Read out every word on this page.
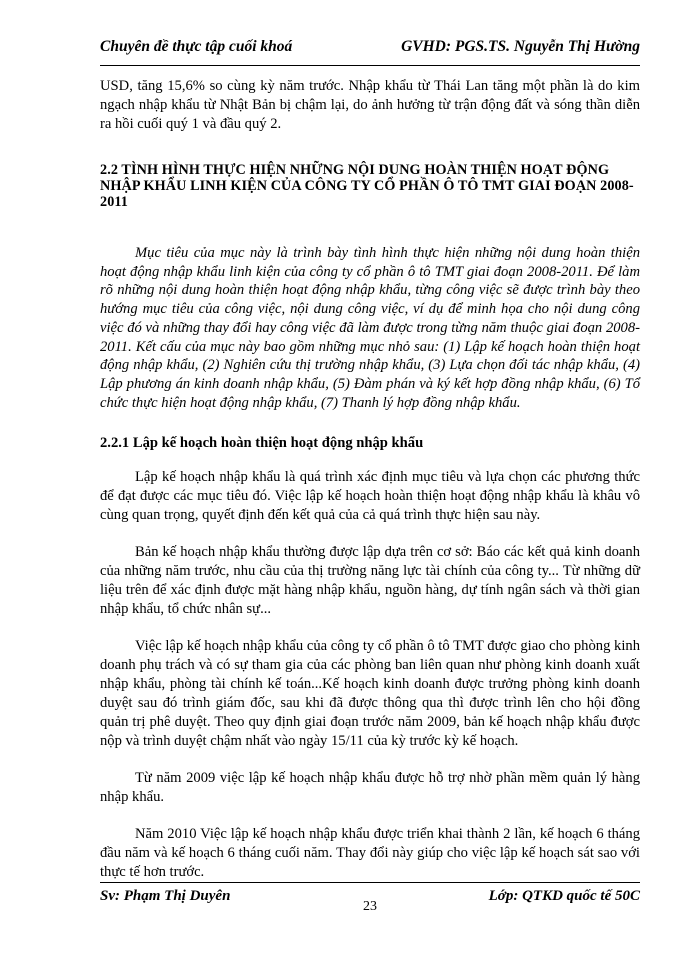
Chuyên đề thực tập cuối khoá	GVHD: PGS.TS. Nguyễn Thị Hường

USD, tăng 15,6% so cùng kỳ năm trước. Nhập khẩu từ Thái Lan tăng một phần là do kim ngạch nhập khẩu từ Nhật Bản bị chậm lại, do ảnh hưởng từ trận động đất và sóng thần diễn ra hồi cuối quý 1 và đầu quý 2.

2.2 TÌNH HÌNH THỰC HIỆN NHỮNG NỘI DUNG HOÀN THIỆN HOẠT ĐỘNG NHẬP KHẨU LINH KIỆN CỦA CÔNG TY CỔ PHẦN Ô TÔ TMT GIAI ĐOẠN 2008-2011

Mục tiêu của mục này là trình bày tình hình thực hiện những nội dung hoàn thiện hoạt động nhập khẩu linh kiện của công ty cổ phần ô tô TMT giai đoạn 2008-2011. Để làm rõ những nội dung hoàn thiện hoạt động nhập khẩu, từng công việc sẽ được trình bày theo hướng mục tiêu của công việc, nội dung công việc, ví dụ để minh họa cho nội dung công việc đó và những thay đổi hay công việc đã làm được trong từng năm thuộc giai đoạn 2008-2011. Kết cấu của mục này bao gồm những mục nhỏ sau: (1) Lập kế hoạch hoàn thiện hoạt động nhập khẩu, (2) Nghiên cứu thị trường nhập khẩu, (3) Lựa chọn đối tác nhập khẩu, (4) Lập phương án kinh doanh nhập khẩu, (5) Đàm phán và ký kết hợp đồng nhập khẩu, (6) Tổ chức thực hiện hoạt động nhập khẩu, (7) Thanh lý hợp đồng nhập khẩu.

2.2.1 Lập kế hoạch hoàn thiện hoạt động nhập khẩu

Lập kế hoạch nhập khẩu là quá trình xác định mục tiêu và lựa chọn các phương thức để đạt được các mục tiêu đó. Việc lập kế hoạch hoàn thiện hoạt động nhập khẩu là khâu vô cùng quan trọng, quyết định đến kết quả của cả quá trình thực hiện sau này.

Bản kế hoạch nhập khẩu thường được lập dựa trên cơ sở: Báo các kết quả kinh doanh của những năm trước, nhu cầu của thị trường năng lực tài chính của công ty... Từ những dữ liệu trên để xác định được mặt hàng nhập khẩu, nguồn hàng, dự tính ngân sách và thời gian nhập khẩu, tổ chức nhân sự...

Việc lập kế hoạch nhập khẩu của công ty cổ phần ô tô TMT được giao cho phòng kinh doanh phụ trách và có sự tham gia của các phòng ban liên quan như phòng kinh doanh xuất nhập khẩu, phòng tài chính kế toán...Kế hoạch kinh doanh được trưởng phòng kinh doanh duyệt sau đó trình giám đốc, sau khi đã được thông qua thì được trình lên cho hội đồng quản trị phê duyệt. Theo quy định giai đoạn trước năm 2009, bản kế hoạch nhập khẩu được nộp và trình duyệt chậm nhất vào ngày 15/11 của kỳ trước kỳ kế hoạch.

Từ năm 2009 việc lập kế hoạch nhập khẩu được hỗ trợ nhờ phần mềm quản lý hàng nhập khẩu.

Năm 2010 Việc lập kế hoạch nhập khẩu được triển khai thành 2 lần, kế hoạch 6 tháng đầu năm và kế hoạch 6 tháng cuối năm. Thay đổi này giúp cho việc lập kế hoạch sát sao với thực tế hơn trước.

Sv: Phạm Thị Duyên
23
Lớp: QTKD quốc tế 50C
